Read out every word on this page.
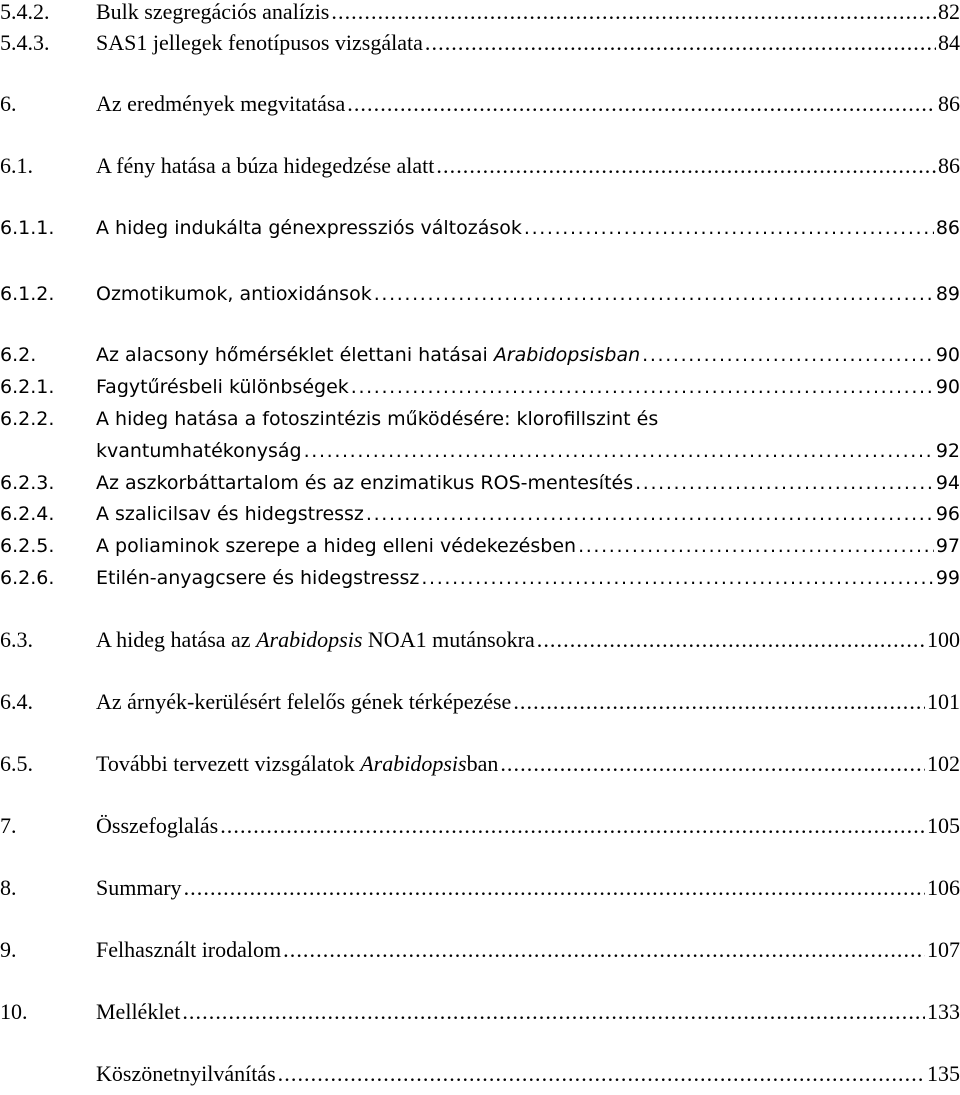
5.4.2. Bulk szegregációs analízis . . .	82
5.4.3. SAS1 jellegek fenotípusos vizsgálata . . .	84
6.	Az eredmények megvitatása . . .	86
6.1.	A fény hatása a búza hidegedzése alatt . . .	86
6.1.1. A hideg indukálta génexpressziós változások . . .	86
6.1.2. Ozmotikumok, antioxidánsok . . .	89
6.2.	Az alacsony hőmérséklet élettani hatásai Arabidopsisban . . .	90
6.2.1. Fagytűrésbeli különbségek . . .	90
6.2.2. A hideg hatása a fotoszintézis működésére: klorofillszint és
kvantumhatékonyság . . .	92
6.2.3. Az aszkorbáttartalom és az enzimatikus ROS-mentesítés . . .	94
6.2.4. A szalicilsav és hidegstressz . . .	96
6.2.5. A poliaminok szerepe a hideg elleni védekezésben . . .	97
6.2.6. Etilén-anyagcsere és hidegstressz . . .	99
6.3.	A hideg hatása az Arabidopsis NOA1 mutánsokra . . .	100
6.4.	Az árnyék-kerülésért felelős gének térképezése . . .	101
6.5.	További tervezett vizsgálatok Arabidopsisban . . .	102
7.	Összefoglalás . . .	105
8.	Summary . . .	106
9.	Felhasznált irodalom . . .	107
10.	Melléklet . . .	133
Köszönetnyilvánítás . . .	135
